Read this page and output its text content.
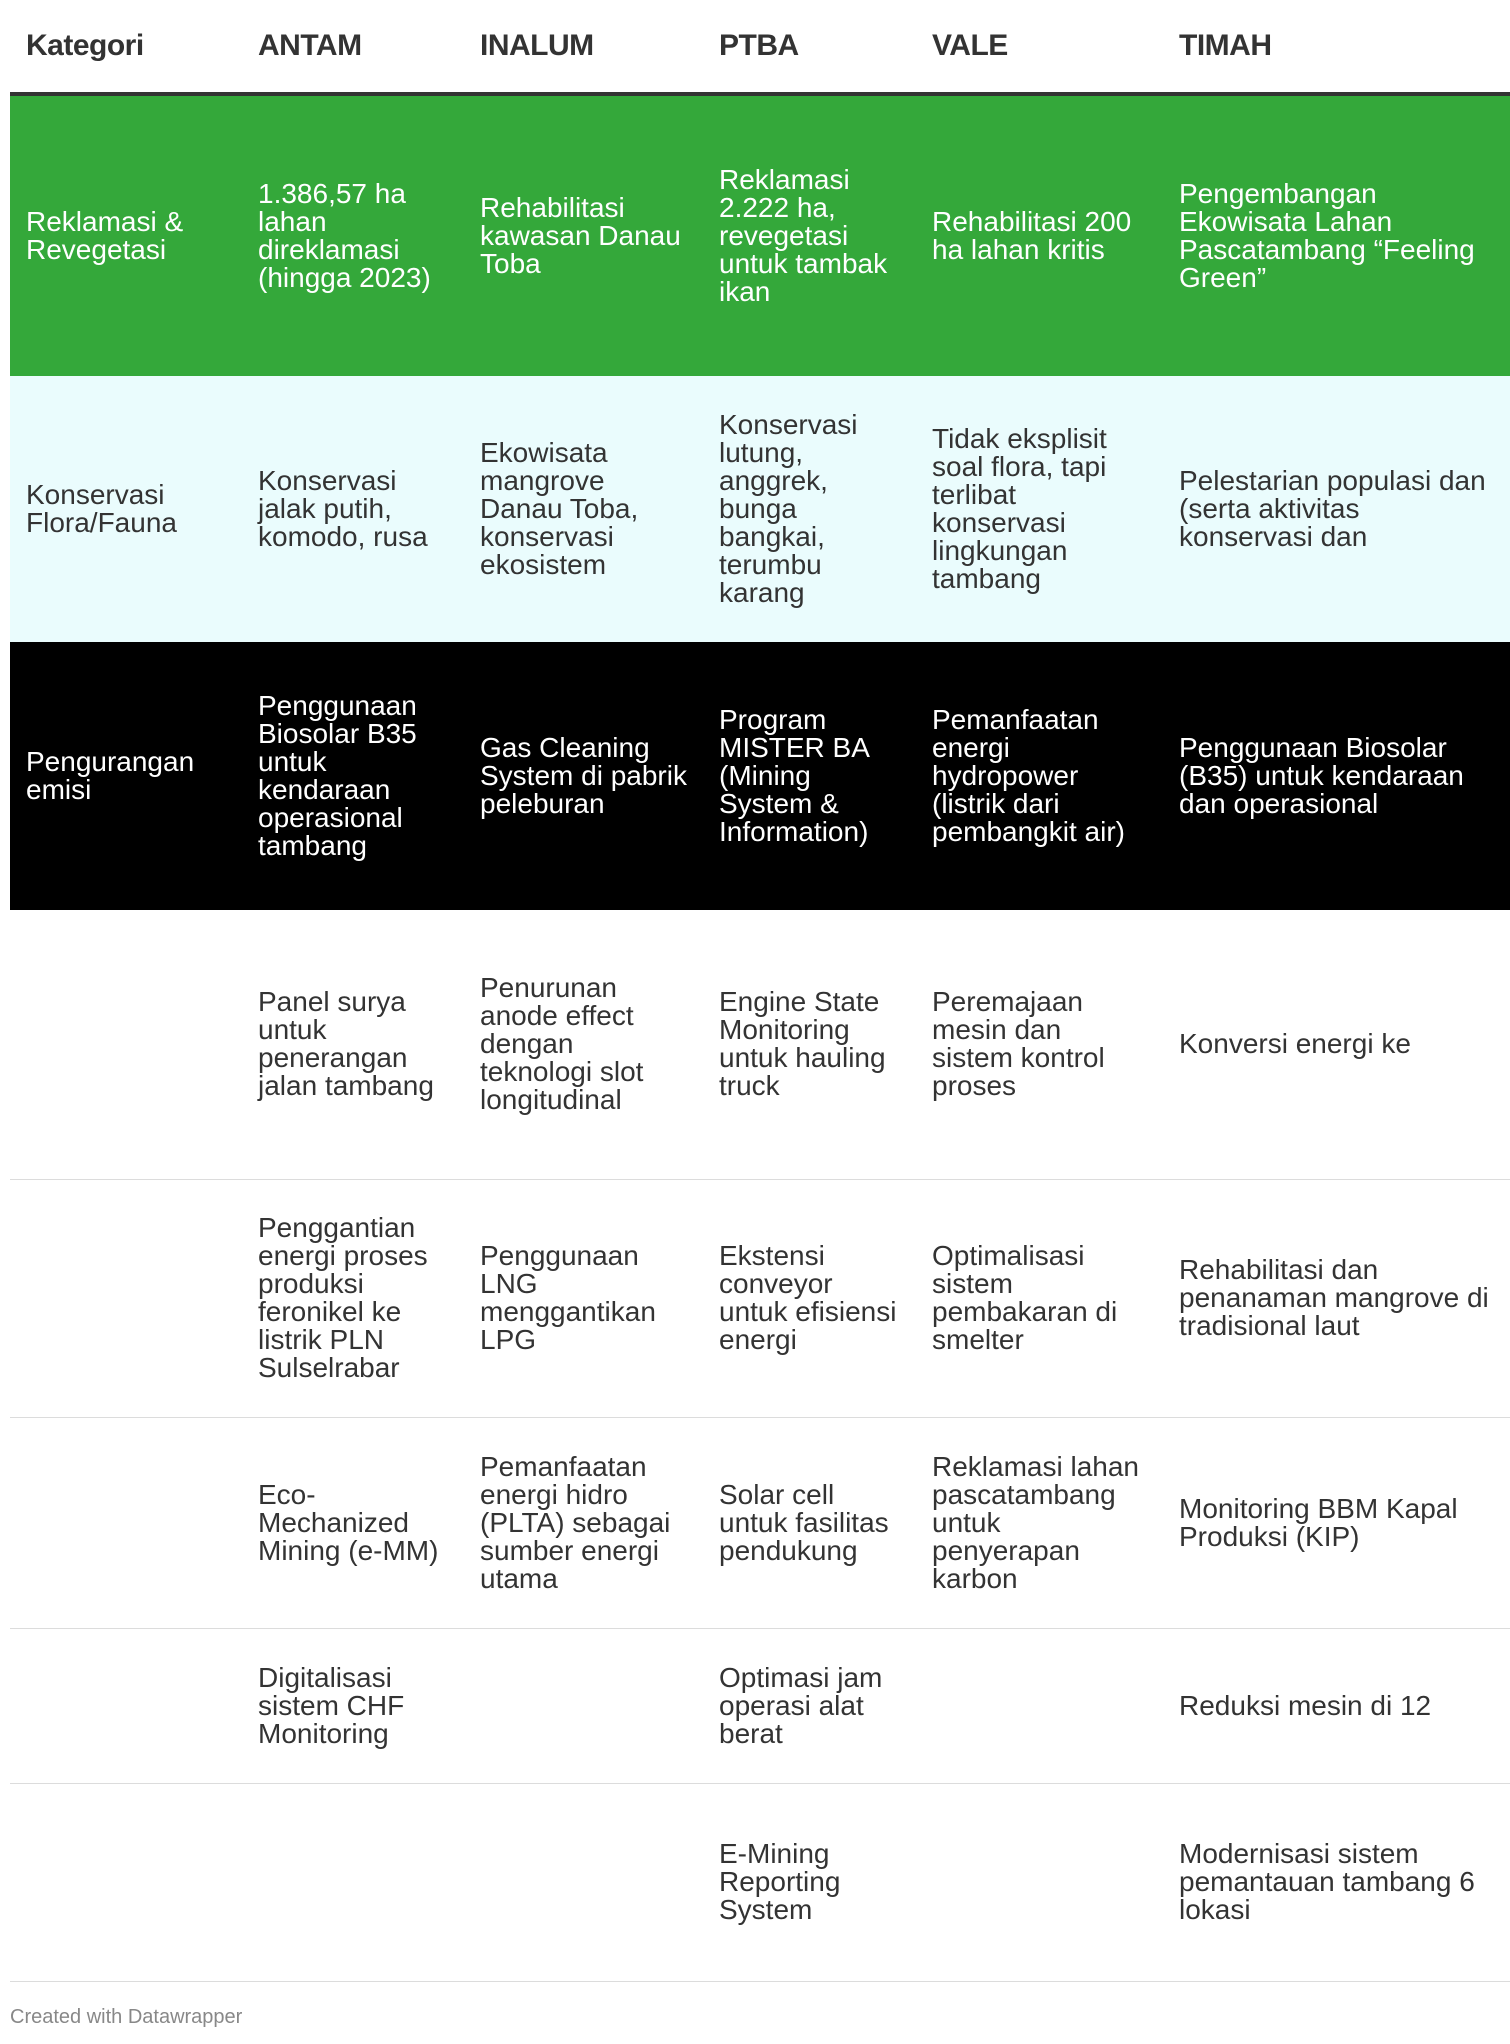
Kategori	ANTAM	INALUM	PTBA	VALE	TIMAH
Reklamasi & Revegetasi	1.386,57 ha lahan direklamasi (hingga 2023)	Rehabilitasi kawasan Danau Toba	Reklamasi 2.222 ha, revegetasi untuk tambak ikan	Rehabilitasi 200 ha lahan kritis	Pengembangan Ekowisata Lahan Pascatambang “Feeling Green”
Konservasi Flora/Fauna	Konservasi jalak putih, komodo, rusa	Ekowisata mangrove Danau Toba, konservasi ekosistem	Konservasi lutung, anggrek, bunga bangkai, terumbu karang	Tidak eksplisit soal flora, tapi terlibat konservasi lingkungan tambang	Pelestarian populasi dan (serta aktivitas konservasi dan
Pengurangan emisi	Penggunaan Biosolar B35 untuk kendaraan operasional tambang	Gas Cleaning System di pabrik peleburan	Program MISTER BA (Mining System & Information)	Pemanfaatan energi hydropower (listrik dari pembangkit air)	Penggunaan Biosolar (B35) untuk kendaraan dan operasional
	Panel surya untuk penerangan jalan tambang	Penurunan anode effect dengan teknologi slot longitudinal	Engine State Monitoring untuk hauling truck	Peremajaan mesin dan sistem kontrol proses	Konversi energi ke
	Penggantian energi proses produksi feronikel ke listrik PLN Sulselrabar	Penggunaan LNG menggantikan LPG	Ekstensi conveyor untuk efisiensi energi	Optimalisasi sistem pembakaran di smelter	Rehabilitasi dan penanaman mangrove di tradisional laut
	Eco-Mechanized Mining (e-MM)	Pemanfaatan energi hidro (PLTA) sebagai sumber energi utama	Solar cell untuk fasilitas pendukung	Reklamasi lahan pascatambang untuk penyerapan karbon	Monitoring BBM Kapal Produksi (KIP)
	Digitalisasi sistem CHF Monitoring		Optimasi jam operasi alat berat		Reduksi mesin di 12
			E-Mining Reporting System		Modernisasi sistem pemantauan tambang 6 lokasi
Created with Datawrapper
